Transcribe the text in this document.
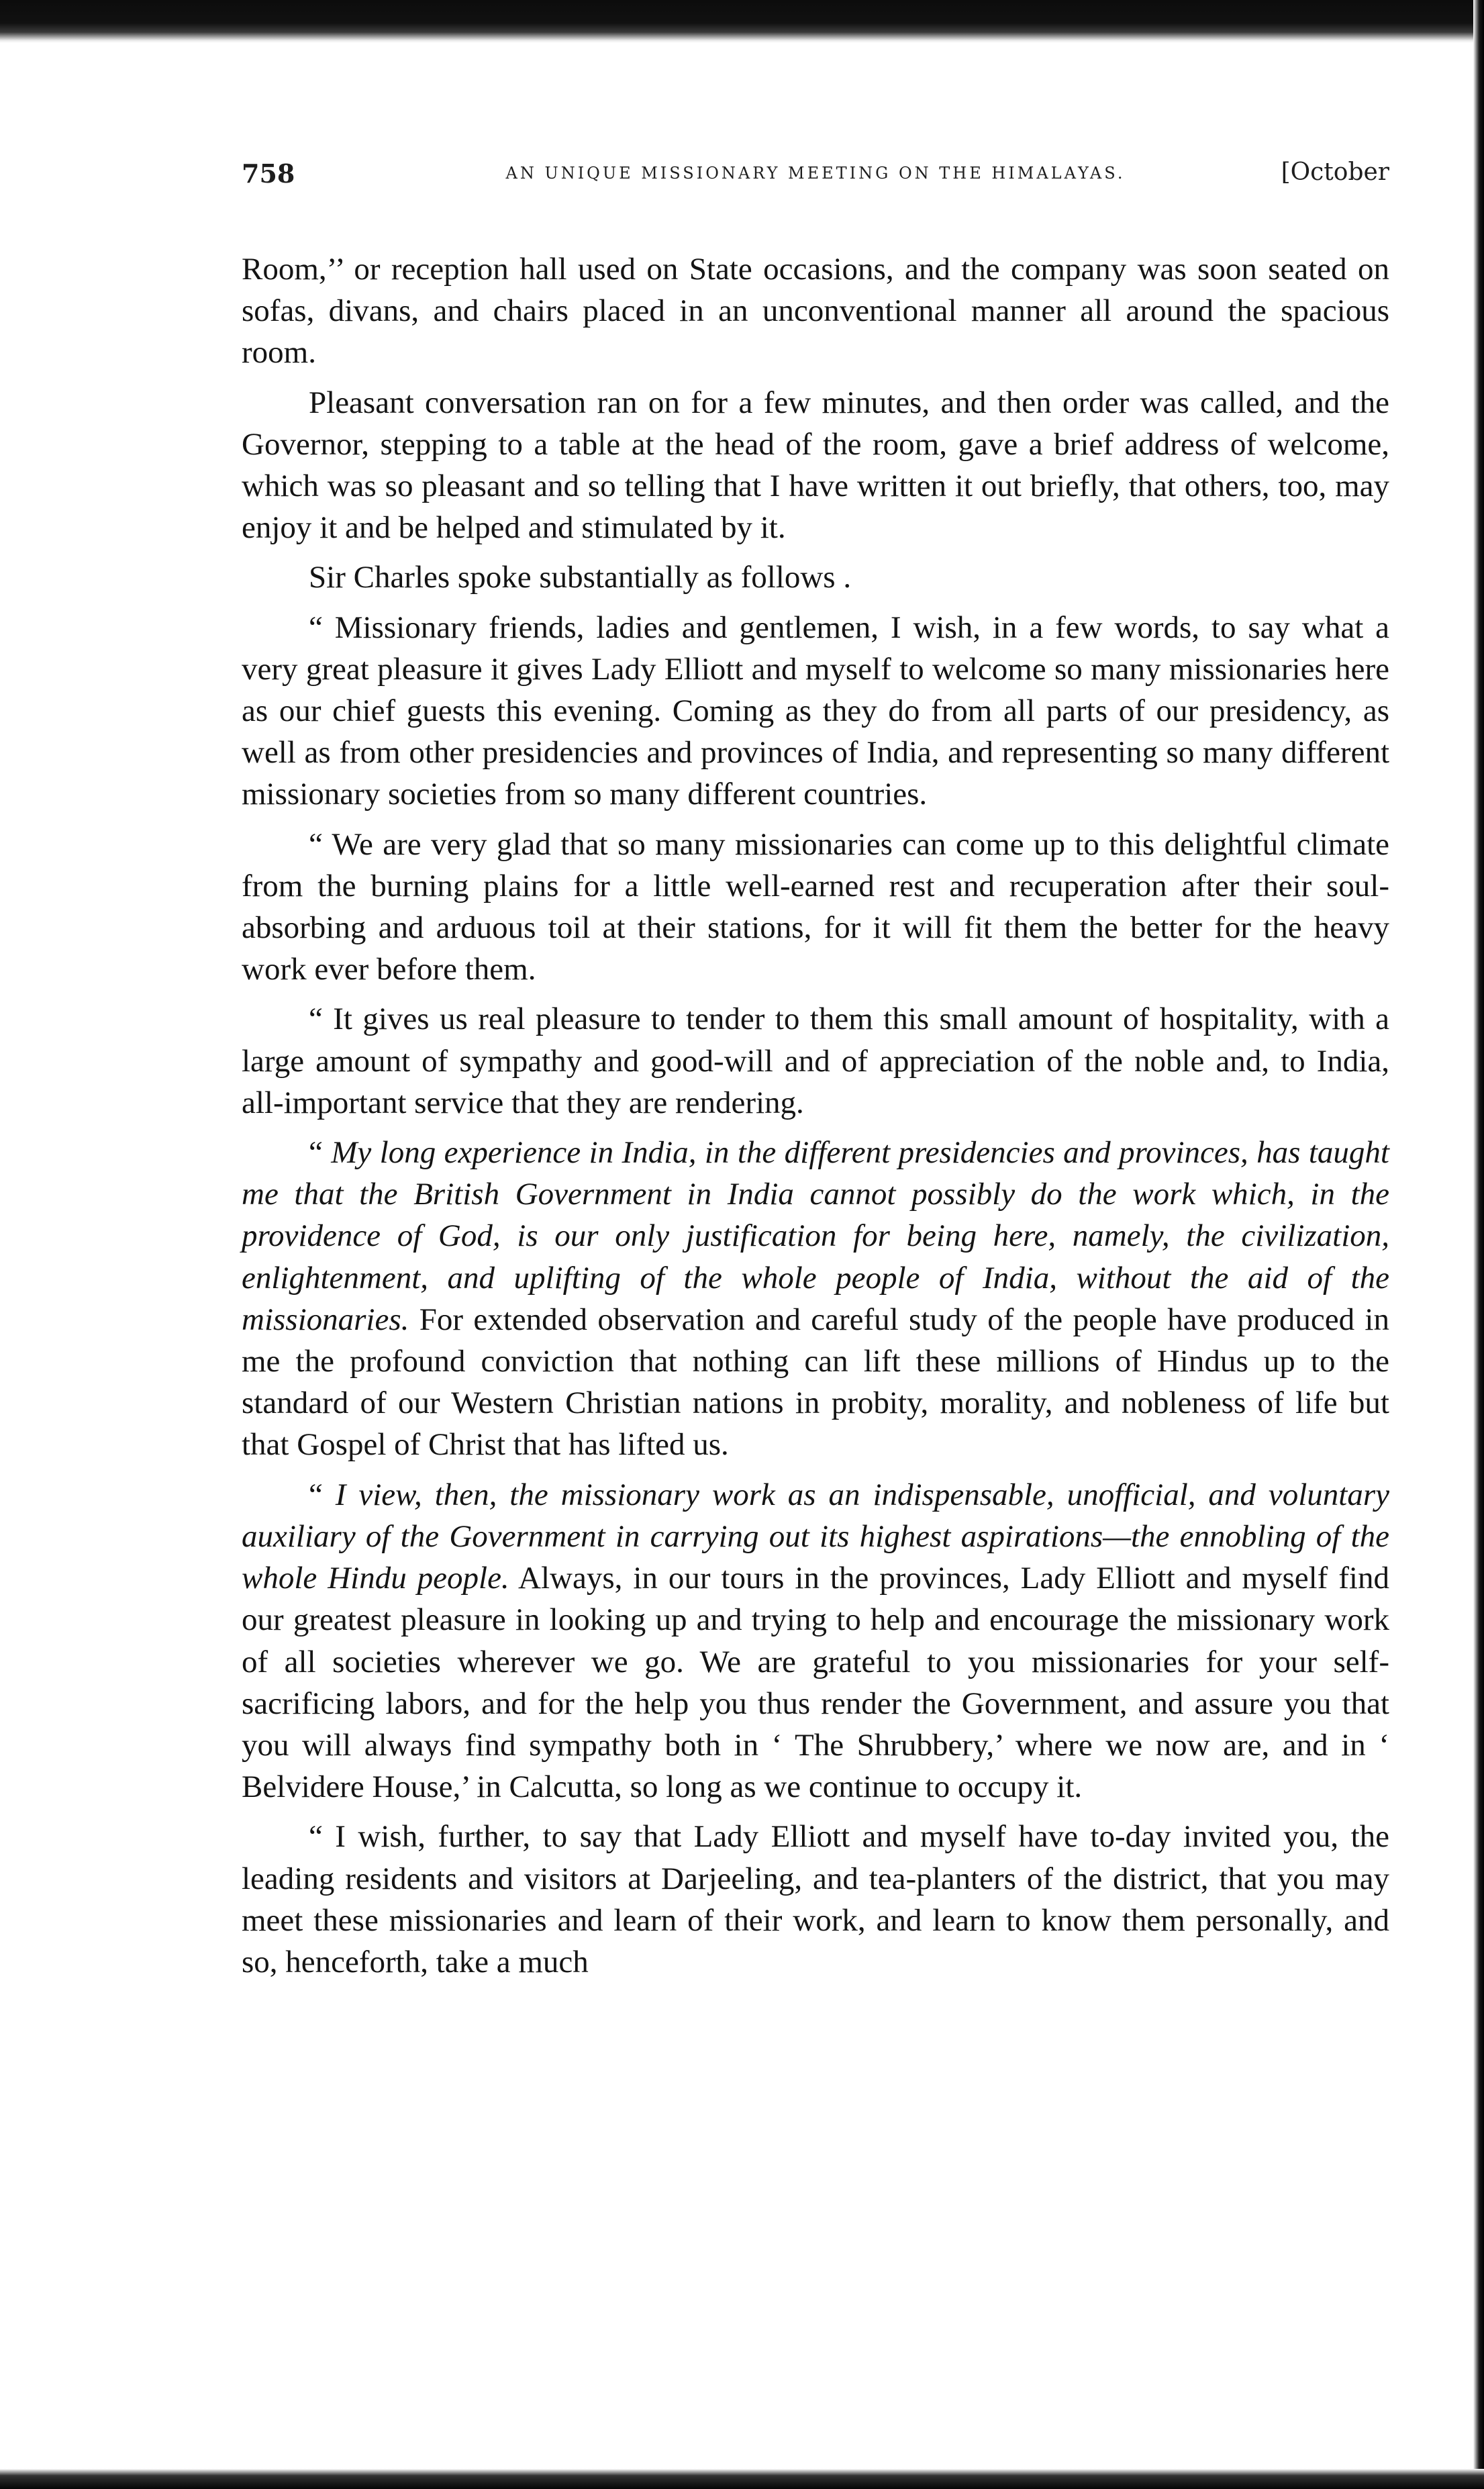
758	AN UNIQUE MISSIONARY MEETING ON THE HIMALAYAS.	[October

Room,’’ or reception hall used on State occasions, and the company was soon seated on sofas, divans, and chairs placed in an unconventional manner all around the spacious room.

Pleasant conversation ran on for a few minutes, and then order was called, and the Governor, stepping to a table at the head of the room, gave a brief address of welcome, which was so pleasant and so telling that I have written it out briefly, that others, too, may enjoy it and be helped and stimulated by it.

Sir Charles spoke substantially as follows .

“ Missionary friends, ladies and gentlemen, I wish, in a few words, to say what a very great pleasure it gives Lady Elliott and myself to welcome so many missionaries here as our chief guests this evening. Coming as they do from all parts of our presidency, as well as from other presidencies and provinces of India, and representing so many different missionary societies from so many different countries.

“ We are very glad that so many missionaries can come up to this delightful climate from the burning plains for a little well-earned rest and recuperation after their soul-absorbing and arduous toil at their stations, for it will fit them the better for the heavy work ever before them.

“ It gives us real pleasure to tender to them this small amount of hospitality, with a large amount of sympathy and good-will and of appreciation of the noble and, to India, all-important service that they are rendering.

“ My long experience in India, in the different presidencies and provinces, has taught me that the British Government in India cannot possibly do the work which, in the providence of God, is our only justification for being here, namely, the civilization, enlightenment, and uplifting of the whole people of India, without the aid of the missionaries. For extended observation and careful study of the people have produced in me the profound conviction that nothing can lift these millions of Hindus up to the standard of our Western Christian nations in probity, morality, and nobleness of life but that Gospel of Christ that has lifted us.

“ I view, then, the missionary work as an indispensable, unofficial, and voluntary auxiliary of the Government in carrying out its highest aspirations—the ennobling of the whole Hindu people. Always, in our tours in the provinces, Lady Elliott and myself find our greatest pleasure in looking up and trying to help and encourage the missionary work of all societies wherever we go. We are grateful to you missionaries for your self-sacrificing labors, and for the help you thus render the Government, and assure you that you will always find sympathy both in ‘ The Shrubbery,’ where we now are, and in ‘ Belvidere House,’ in Calcutta, so long as we continue to occupy it.

“ I wish, further, to say that Lady Elliott and myself have to-day invited you, the leading residents and visitors at Darjeeling, and tea-planters of the district, that you may meet these missionaries and learn of their work, and learn to know them personally, and so, henceforth, take a much
